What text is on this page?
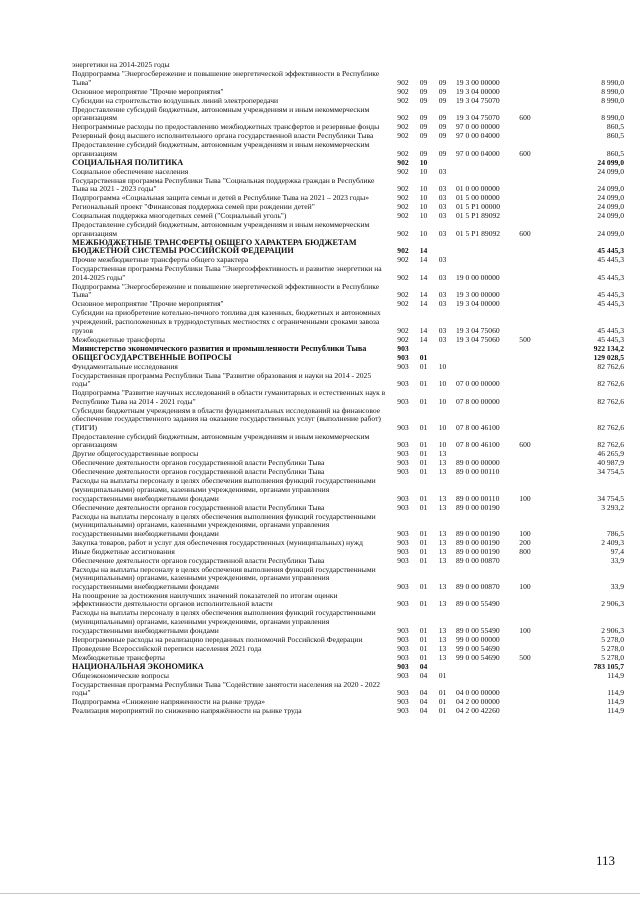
энергетики на 2014-2025 годы
Подпрограмма "Энергосбережение и повышение энергетической эффективности в Республике Тыва"	902	09	09	19 3 00 00000	8 990,0
Основное мероприятие "Прочие мероприятия"	902	09	09	19 3 04 00000	8 990,0
Субсидии на строительство воздушных линий электропередачи	902	09	09	19 3 04 75070	8 990,0
Предоставление субсидий бюджетным, автономным учреждениям и иным некоммерческим организациям	902	09	09	19 3 04 75070	600	8 990,0
Непрограммные расходы по предоставлению межбюджетных трансфертов и резервные фонды	902	09	09	97 0 00 00000	860,5
Резервный фонд высшего исполнительного органа государственной власти Республики Тыва	902	09	09	97 0 00 04000	860,5
Предоставление субсидий бюджетным, автономным учреждениям и иным некоммерческим организациям	902	09	09	97 0 00 04000	600	860,5
СОЦИАЛЬНАЯ ПОЛИТИКА	902	10	24 099,0
Социальное обеспечение населения	902	10	03	24 099,0
Государственная программа Республики Тыва "Социальная поддержка граждан в Республике Тыва на 2021 - 2023 годы"	902	10	03	01 0 00 00000	24 099,0
Подпрограмма «Социальная защита семьи и детей в Республике Тыва на 2021 – 2023 годы»	902	10	03	01 5 00 00000	24 099,0
Региональный проект "Финансовая поддержка семей при рождении детей"	902	10	03	01 5 P1 00000	24 099,0
Социальная поддержка многодетных семей ("Социальный уголь")	902	10	03	01 5 P1 89092	24 099,0
Предоставление субсидий бюджетным, автономным учреждениям и иным некоммерческим организациям	902	10	03	01 5 P1 89092	600	24 099,0
МЕЖБЮДЖЕТНЫЕ ТРАНСФЕРТЫ ОБЩЕГО ХАРАКТЕРА БЮДЖЕТАМ БЮДЖЕТНОЙ СИСТЕМЫ РОССИЙСКОЙ ФЕДЕРАЦИИ	902	14	45 445,3
Прочие межбюджетные трансферты общего характера	902	14	03	45 445,3
Государственная программа Республики Тыва "Энергоэффективность и развитие энергетики на 2014-2025 годы"	902	14	03	19 0 00 00000	45 445,3
Подпрограмма "Энергосбережение и повышение энергетической эффективности в Республике Тыва"	902	14	03	19 3 00 00000	45 445,3
Основное мероприятие "Прочие мероприятия"	902	14	03	19 3 04 00000	45 445,3
Субсидии на приобретение котельно-печного топлива для казенных, бюджетных и автономных учреждений, расположенных в труднодоступных местностях с ограниченными сроками завоза грузов	902	14	03	19 3 04 75060	45 445,3
Межбюджетные трансферты	902	14	03	19 3 04 75060	500	45 445,3
Министерство экономического развития и промышленности Республики Тыва	903	922 134,2
ОБЩЕГОСУДАРСТВЕННЫЕ ВОПРОСЫ	903	01	129 028,5
Фундаментальные исследования	903	01	10	82 762,6
Государственная программа Республики Тыва "Развитие образования и науки на 2014 - 2025 годы"	903	01	10	07 0 00 00000	82 762,6
Подпрограмма "Развитие научных исследований в области гуманитарных и естественных наук в Республике Тыва на 2014 - 2021 годы"	903	01	10	07 8 00 00000	82 762,6
Субсидии бюджетным учреждениям в области фундаментальных исследований на финансовое обеспечение государственного задания на оказание государственных услуг (выполнение работ) (ТИГИ)	903	01	10	07 8 00 46100	82 762,6
Предоставление субсидий бюджетным, автономным учреждениям и иным некоммерческим организациям	903	01	10	07 8 00 46100	600	82 762,6
Другие общегосударственные вопросы	903	01	13	46 265,9
Обеспечение деятельности органов государственной власти Республики Тыва	903	01	13	89 0 00 00000	40 987,9
Обеспечение деятельности органов государственной власти Республики Тыва	903	01	13	89 0 00 00110	34 754,5
Расходы на выплаты персоналу в целях обеспечения выполнения функций государственными (муниципальными) органами, казенными учреждениями, органами управления государственными внебюджетными фондами	903	01	13	89 0 00 00110	100	34 754,5
Обеспечение деятельности органов государственной власти Республики Тыва	903	01	13	89 0 00 00190	3 293,2
Расходы на выплаты персоналу в целях обеспечения выполнения функций государственными (муниципальными) органами, казенными учреждениями, органами управления государственными внебюджетными фондами	903	01	13	89 0 00 00190	100	786,5
Закупка товаров, работ и услуг для обеспечения государственных (муниципальных) нужд	903	01	13	89 0 00 00190	200	2 409,3
Иные бюджетные ассигнования	903	01	13	89 0 00 00190	800	97,4
Обеспечение деятельности органов государственной власти Республики Тыва	903	01	13	89 0 00 00870	33,9
Расходы на выплаты персоналу в целях обеспечения выполнения функций государственными (муниципальными) органами, казенными учреждениями, органами управления государственными внебюджетными фондами	903	01	13	89 0 00 00870	100	33,9
На поощрение за достижения наилучших значений показателей по итогам оценки эффективности деятельности органов исполнительной власти	903	01	13	89 0 00 55490	2 906,3
Расходы на выплаты персоналу в целях обеспечения выполнения функций государственными (муниципальными) органами, казенными учреждениями, органами управления государственными внебюджетными фондами	903	01	13	89 0 00 55490	100	2 906,3
Непрограммные расходы на реализацию переданных полномочий Российской Федерации	903	01	13	99 0 00 00000	5 278,0
Проведение Всероссийской переписи населения 2021 года	903	01	13	99 0 00 54690	5 278,0
Межбюджетные трансферты	903	01	13	99 0 00 54690	500	5 278,0
НАЦИОНАЛЬНАЯ ЭКОНОМИКА	903	04	783 105,7
Общеэкономические вопросы	903	04	01	114,9
Государственная программа Республики Тыва "Содействие занятости населения на 2020 - 2022 годы"	903	04	01	04 0 00 00000	114,9
Подпрограмма «Снижение напряженности на рынке труда»	903	04	01	04 2 00 00000	114,9
Реализация мероприятий по снижению напряжённости на рынке труда	903	04	01	04 2 00 42260	114,9
113
